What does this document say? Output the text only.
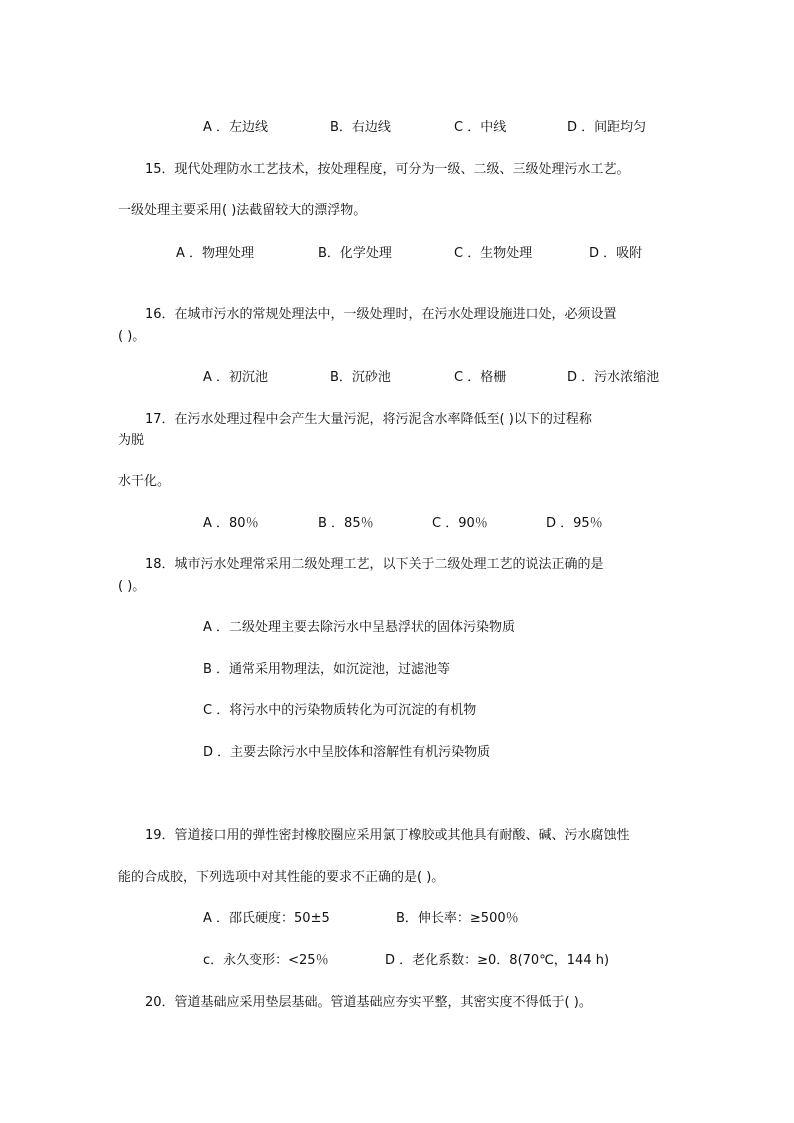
A ．左边线	B．右边线	C ．中线	D ．间距均匀
15．现代处理防水工艺技术，按处理程度，可分为一级、二级、三级处理污水工艺。
一级处理主要采用( )法截留较大的漂浮物。
A ．物理处理	B．化学处理	C ．生物处理	D ．吸附
16．在城市污水的常规处理法中，一级处理时，在污水处理设施进口处，必须设置
( )。
A ．初沉池	B．沉砂池	C ．格栅	D ．污水浓缩池
17．在污水处理过程中会产生大量污泥，将污泥含水率降低至( )以下的过程称
为脱
水干化。
A ．80％	B ．85％	C ．90％	D ．95％
18．城市污水处理常采用二级处理工艺，以下关于二级处理工艺的说法正确的是
( )。
A ．二级处理主要去除污水中呈悬浮状的固体污染物质
B ．通常采用物理法，如沉淀池，过滤池等
C ．将污水中的污染物质转化为可沉淀的有机物
D ．主要去除污水中呈胶体和溶解性有机污染物质
19．管道接口用的弹性密封橡胶圈应采用氯丁橡胶或其他具有耐酸、碱、污水腐蚀性
能的合成胶，下列选项中对其性能的要求不正确的是( )。
A ．邵氏硬度：50±5	B．伸长率：≥500％
c．永久变形：<25％	D ．老化系数：≥0．8(70℃，144 h)
20．管道基础应采用垫层基础。管道基础应夯实平整，其密实度不得低于( )。
